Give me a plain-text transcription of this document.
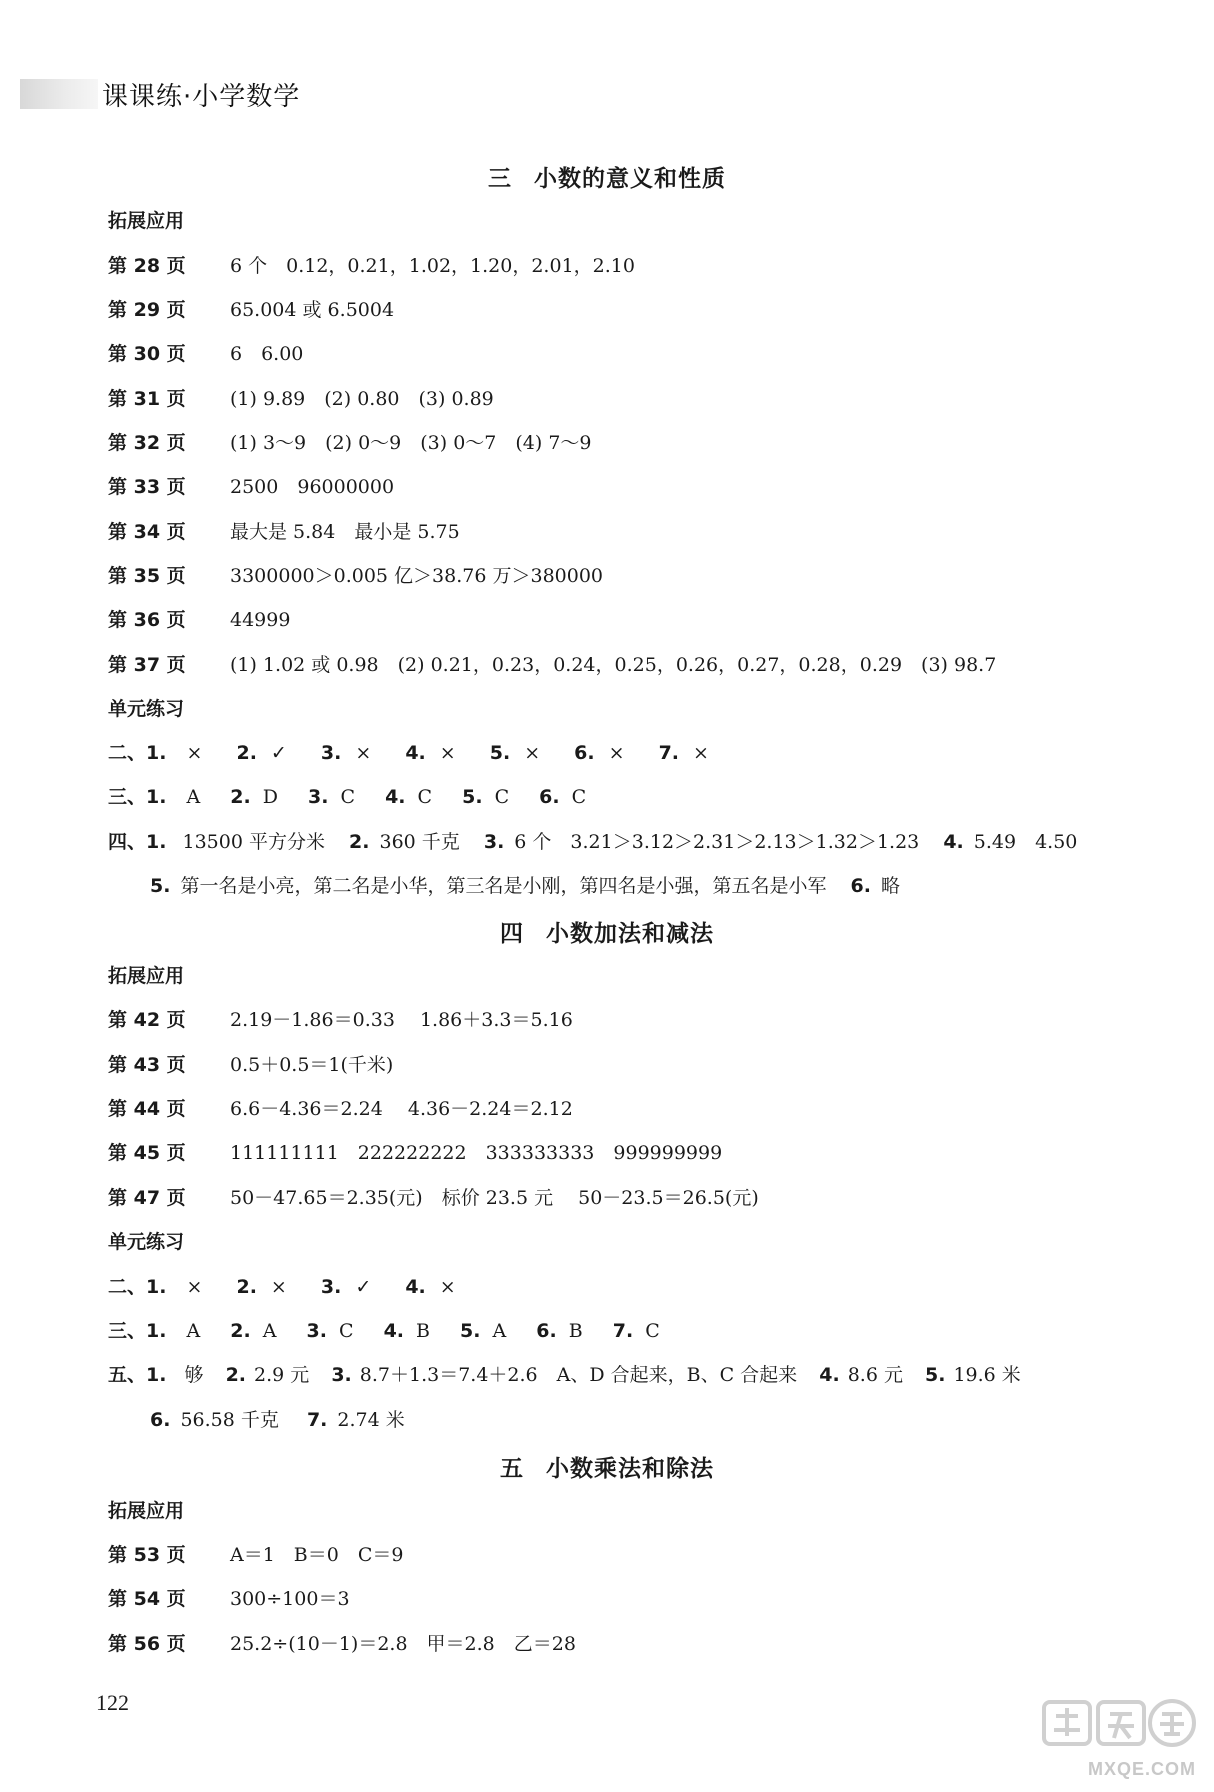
课课练·小学数学
三 小数的意义和性质
拓展应用
第 28 页	6 个　0.12，0.21，1.02，1.20，2.01，2.10
第 29 页	65.004 或 6.5004
第 30 页	6　6.00
第 31 页	(1) 9.89　(2) 0.80　(3) 0.89
第 32 页	(1) 3～9　(2) 0～9　(3) 0～7　(4) 7～9
第 33 页	2500　96000000
第 34 页	最大是 5.84　最小是 5.75
第 35 页	3300000＞0.005 亿＞38.76 万＞380000
第 36 页	44999
第 37 页	(1) 1.02 或 0.98　(2) 0.21，0.23，0.24，0.25，0.26，0.27，0.28，0.29　(3) 98.7
单元练习
二、1. × 2. ✓ 3. × 4. × 5. × 6. × 7. ×
三、1. A 2. D 3. C 4. C 5. C 6. C
四、1. 13500 平方分米 2. 360 千克 3. 6 个　3.21＞3.12＞2.31＞2.13＞1.32＞1.23 4. 5.49　4.50
5. 第一名是小亮，第二名是小华，第三名是小刚，第四名是小强，第五名是小军 6. 略
四 小数加法和减法
拓展应用
第 42 页	2.19－1.86＝0.33　 1.86＋3.3＝5.16
第 43 页	0.5＋0.5＝1(千米)
第 44 页	6.6－4.36＝2.24　 4.36－2.24＝2.12
第 45 页	111111111　222222222　333333333　999999999
第 47 页	50－47.65＝2.35(元)　标价 23.5 元　 50－23.5＝26.5(元)
单元练习
二、1. × 2. × 3. ✓ 4. ×
三、1. A 2. A 3. C 4. B 5. A 6. B 7. C
五、1. 够 2. 2.9 元 3. 8.7＋1.3＝7.4＋2.6　A、D 合起来，B、C 合起来 4. 8.6 元 5. 19.6 米
6. 56.58 千克 7. 2.74 米
五 小数乘法和除法
拓展应用
第 53 页	A＝1　B＝0　C＝9
第 54 页	300÷100＝3
第 56 页	25.2÷(10－1)＝2.8　甲＝2.8　乙＝28
122
MXQE.COM
